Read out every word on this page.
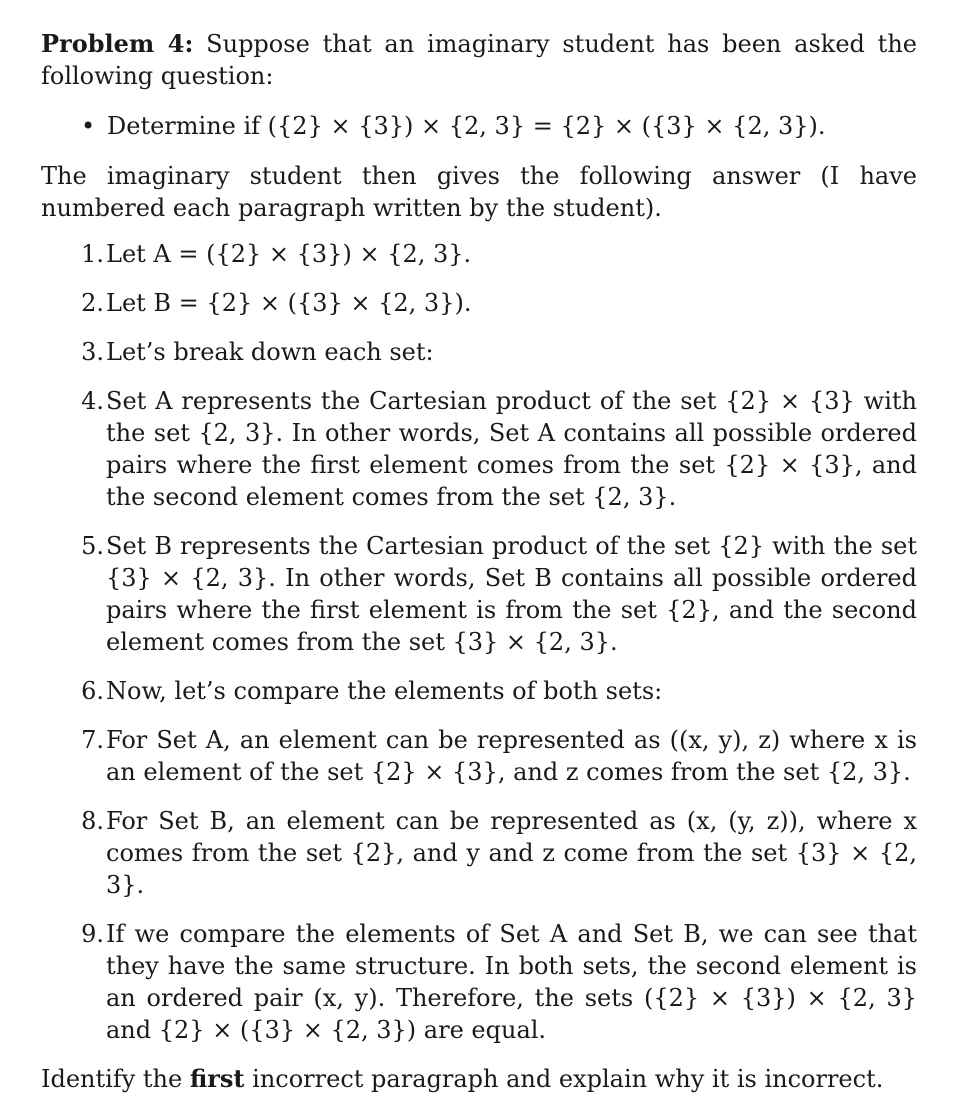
Problem 4: Suppose that an imaginary student has been asked the following question:

• Determine if ({2} × {3}) × {2, 3} = {2} × ({3} × {2, 3}).

The imaginary student then gives the following answer (I have numbered each paragraph written by the student).

1. Let A = ({2} × {3}) × {2, 3}.
2. Let B = {2} × ({3} × {2, 3}).
3. Let’s break down each set:
4. Set A represents the Cartesian product of the set {2} × {3} with the set {2, 3}. In other words, Set A contains all possible ordered pairs where the first element comes from the set {2} × {3}, and the second element comes from the set {2, 3}.
5. Set B represents the Cartesian product of the set {2} with the set {3} × {2, 3}. In other words, Set B contains all possible ordered pairs where the first element is from the set {2}, and the second element comes from the set {3} × {2, 3}.
6. Now, let’s compare the elements of both sets:
7. For Set A, an element can be represented as ((x, y), z) where x is an element of the set {2} × {3}, and z comes from the set {2, 3}.
8. For Set B, an element can be represented as (x, (y, z)), where x comes from the set {2}, and y and z come from the set {3} × {2, 3}.
9. If we compare the elements of Set A and Set B, we can see that they have the same structure. In both sets, the second element is an ordered pair (x, y). Therefore, the sets ({2} × {3}) × {2, 3} and {2} × ({3} × {2, 3}) are equal.

Identify the first incorrect paragraph and explain why it is incorrect.
